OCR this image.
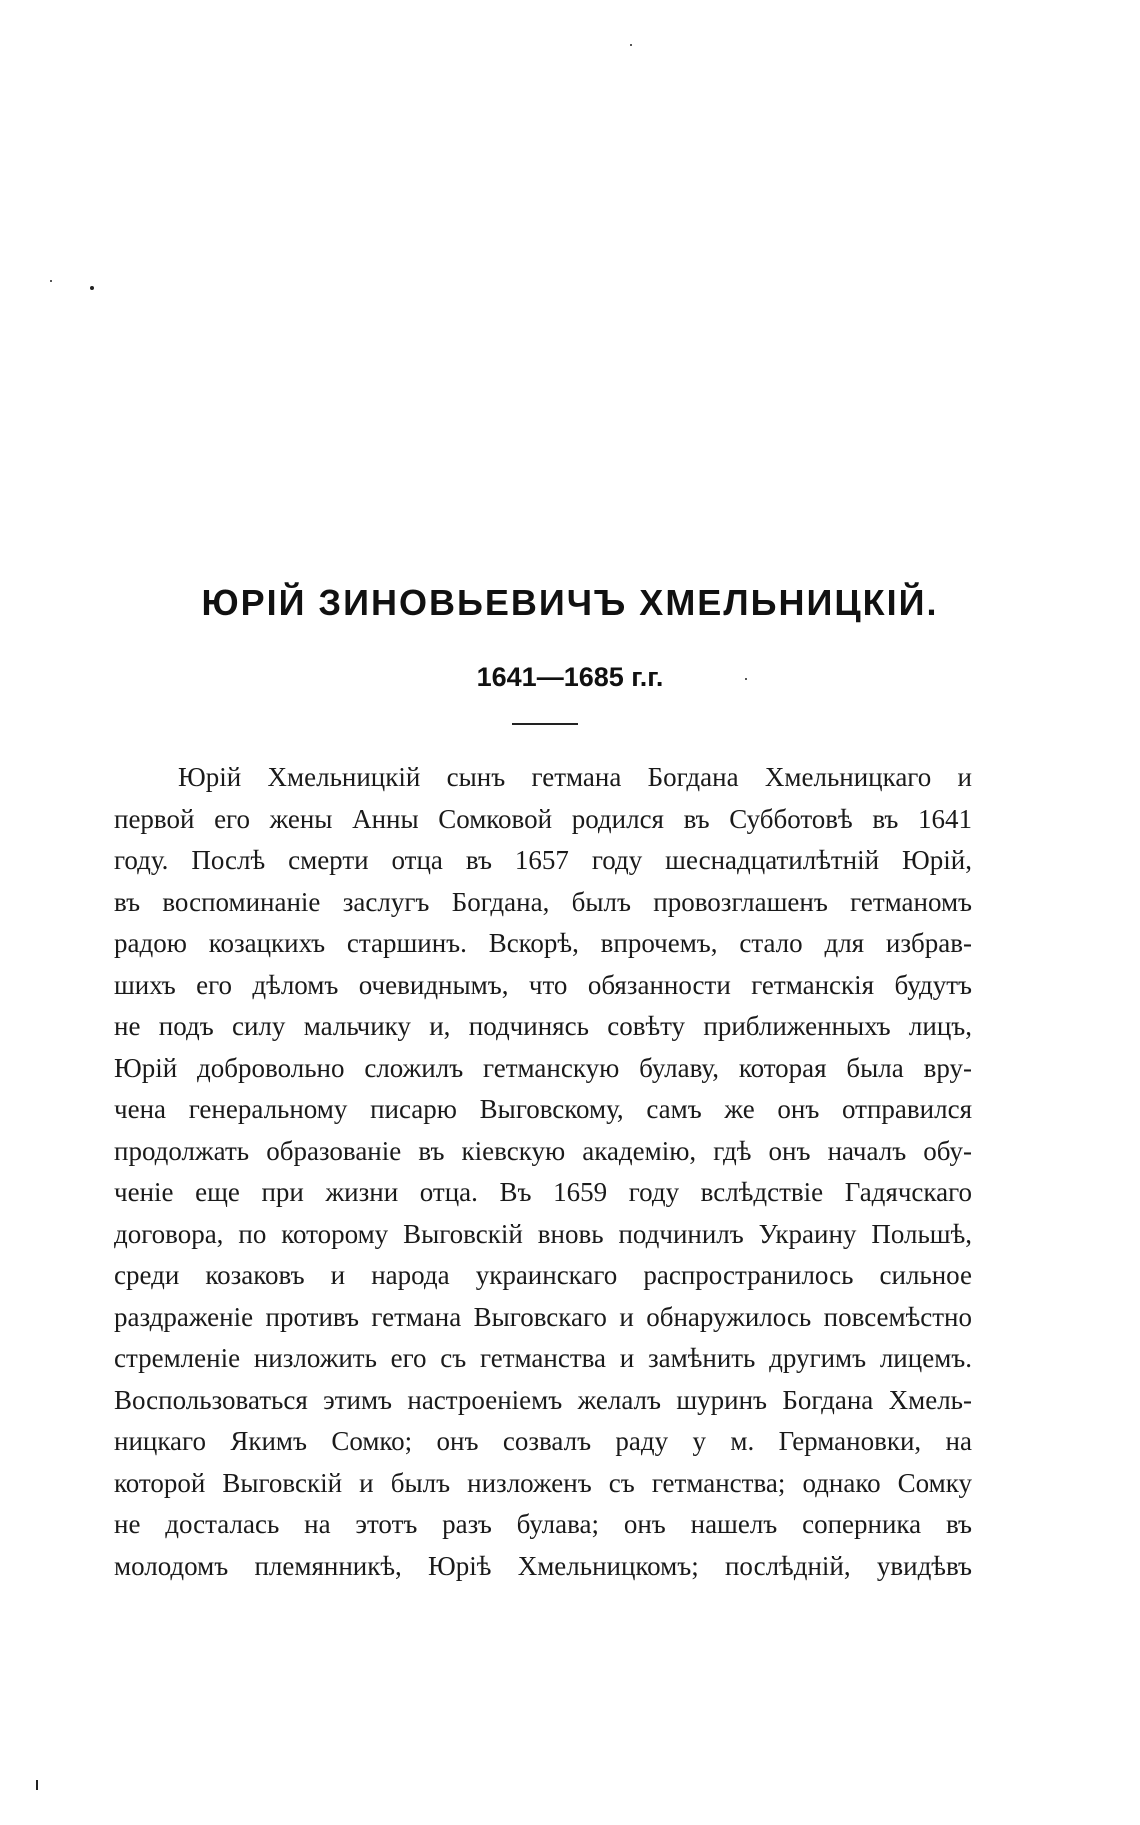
ЮРІЙ ЗИНОВЬЕВИЧЪ ХМЕЛЬНИЦКІЙ.
1641—1685 г.г.
Юрій Хмельницкій сынъ гетмана Богдана Хмельницкаго и
первой его жены Анны Сомковой родился въ Субботовѣ въ 1641
году. Послѣ смерти отца въ 1657 году шеснадцатилѣтній Юрій,
въ воспоминаніе заслугъ Богдана, былъ провозглашенъ гетманомъ
радою козацкихъ старшинъ. Вскорѣ, впрочемъ, стало для избрав-
шихъ его дѣломъ очевиднымъ, что обязанности гетманскія будутъ
не подъ силу мальчику и, подчинясь совѣту приближенныхъ лицъ,
Юрій добровольно сложилъ гетманскую булаву, которая была вру-
чена генеральному писарю Выговскому, самъ же онъ отправился
продолжать образованіе въ кіевскую академію, гдѣ онъ началъ обу-
ченіе еще при жизни отца. Въ 1659 году вслѣдствіе Гадячскаго
договора, по которому Выговскій вновь подчинилъ Украину Польшѣ,
среди козаковъ и народа украинскаго распространилось сильное
раздраженіе противъ гетмана Выговскаго и обнаружилось повсемѣстно
стремленіе низложить его съ гетманства и замѣнить другимъ лицемъ.
Воспользоваться этимъ настроеніемъ желалъ шуринъ Богдана Хмель-
ницкаго Якимъ Сомко; онъ созвалъ раду у м. Германовки, на
которой Выговскій и былъ низложенъ съ гетманства; однако Сомку
не досталась на этотъ разъ булава; онъ нашелъ соперника въ
молодомъ племянникѣ, Юріѣ Хмельницкомъ; послѣдній, увидѣвъ
